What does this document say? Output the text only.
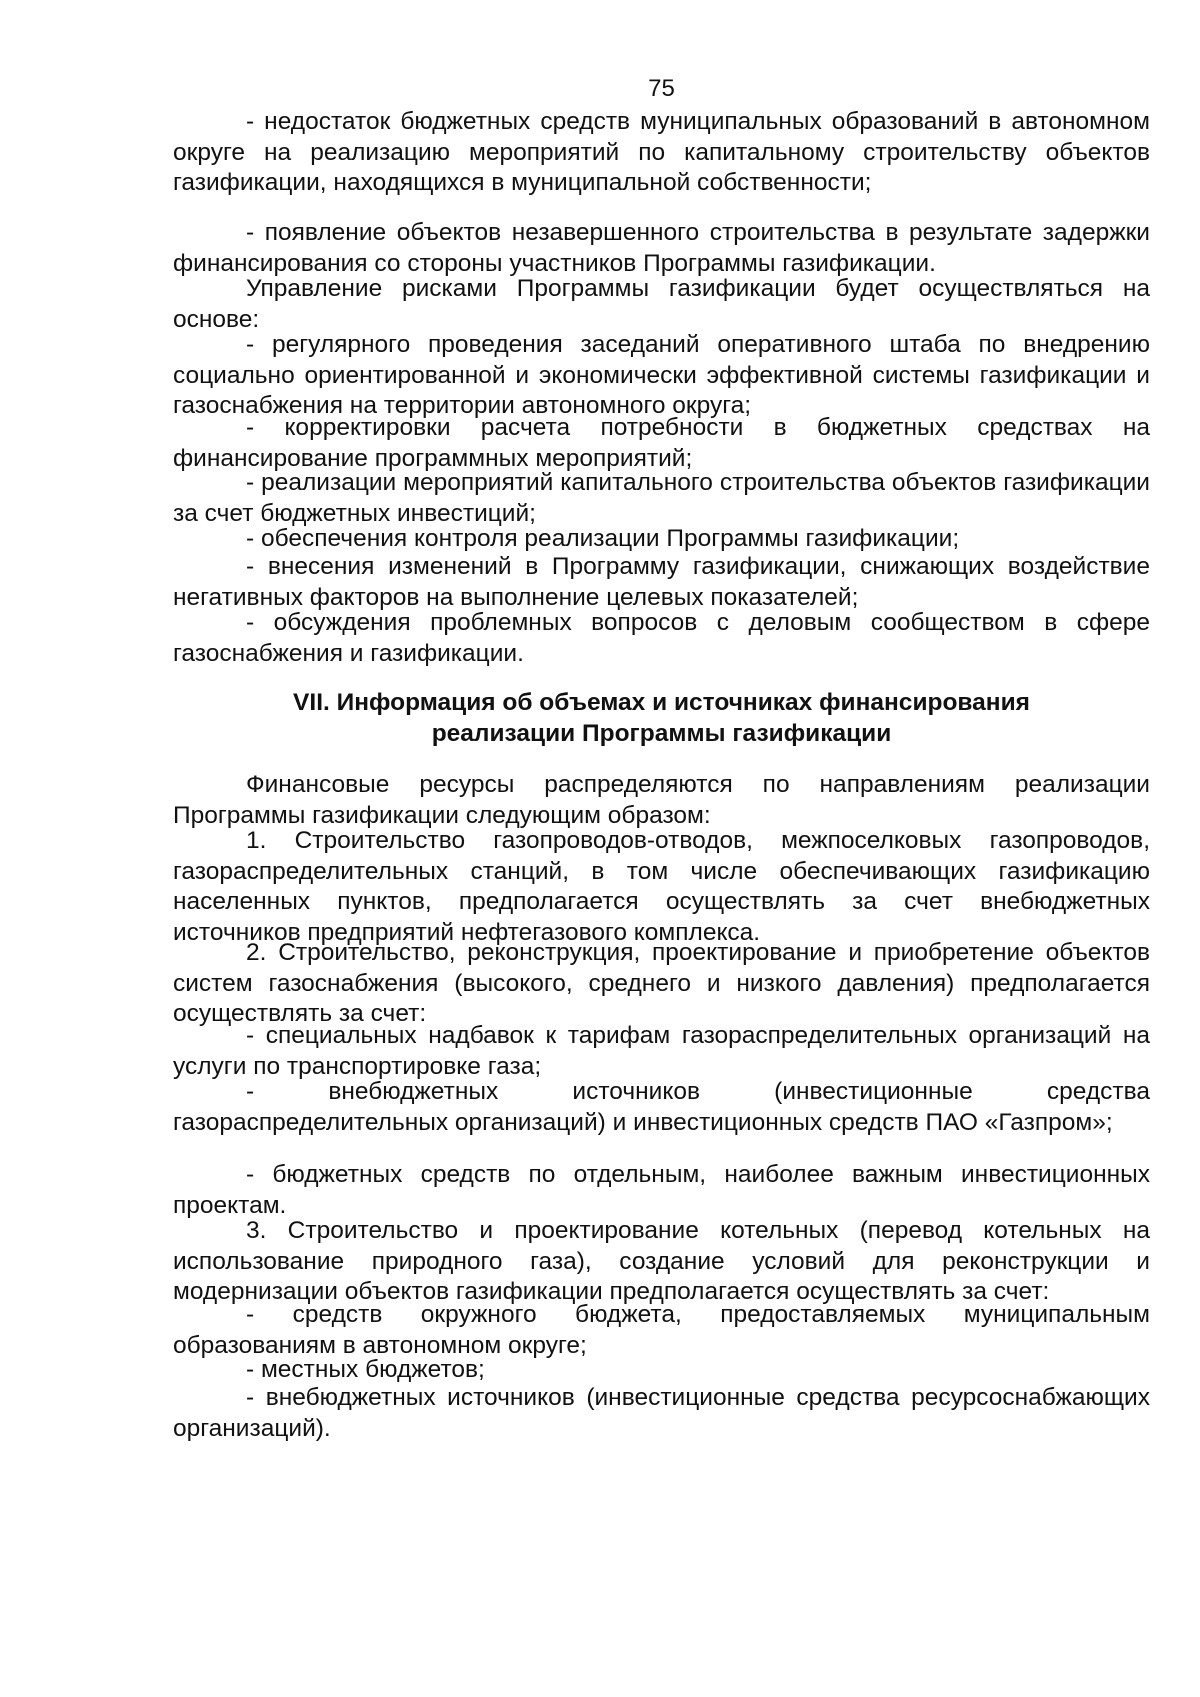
75

- недостаток бюджетных средств муниципальных образований в автономном округе на реализацию мероприятий по капитальному строительству объектов газификации, находящихся в муниципальной собственности;

- появление объектов незавершенного строительства в результате задержки финансирования со стороны участников Программы газификации.

Управление рисками Программы газификации будет осуществляться на основе:

- регулярного проведения заседаний оперативного штаба по внедрению социально ориентированной и экономически эффективной системы газификации и газоснабжения на территории автономного округа;

- корректировки расчета потребности в бюджетных средствах на финансирование программных мероприятий;

- реализации мероприятий капитального строительства объектов газификации за счет бюджетных инвестиций;

- обеспечения контроля реализации Программы газификации;

- внесения изменений в Программу газификации, снижающих воздействие негативных факторов на выполнение целевых показателей;

- обсуждения проблемных вопросов с деловым сообществом в сфере газоснабжения и газификации.

VII. Информация об объемах и источниках финансирования
реализации Программы газификации

Финансовые ресурсы распределяются по направлениям реализации Программы газификации следующим образом:

1. Строительство газопроводов-отводов, межпоселковых газопроводов, газораспределительных станций, в том числе обеспечивающих газификацию населенных пунктов, предполагается осуществлять за счет внебюджетных источников предприятий нефтегазового комплекса.

2. Строительство, реконструкция, проектирование и приобретение объектов систем газоснабжения (высокого, среднего и низкого давления) предполагается осуществлять за счет:

- специальных надбавок к тарифам газораспределительных организаций на услуги по транспортировке газа;

- внебюджетных источников (инвестиционные средства газораспределительных организаций) и инвестиционных средств ПАО «Газпром»;

- бюджетных средств по отдельным, наиболее важным инвестиционных проектам.

3. Строительство и проектирование котельных (перевод котельных на использование природного газа), создание условий для реконструкции и модернизации объектов газификации предполагается осуществлять за счет:

- средств окружного бюджета, предоставляемых муниципальным образованиям в автономном округе;

- местных бюджетов;

- внебюджетных источников (инвестиционные средства ресурсоснабжающих организаций).
